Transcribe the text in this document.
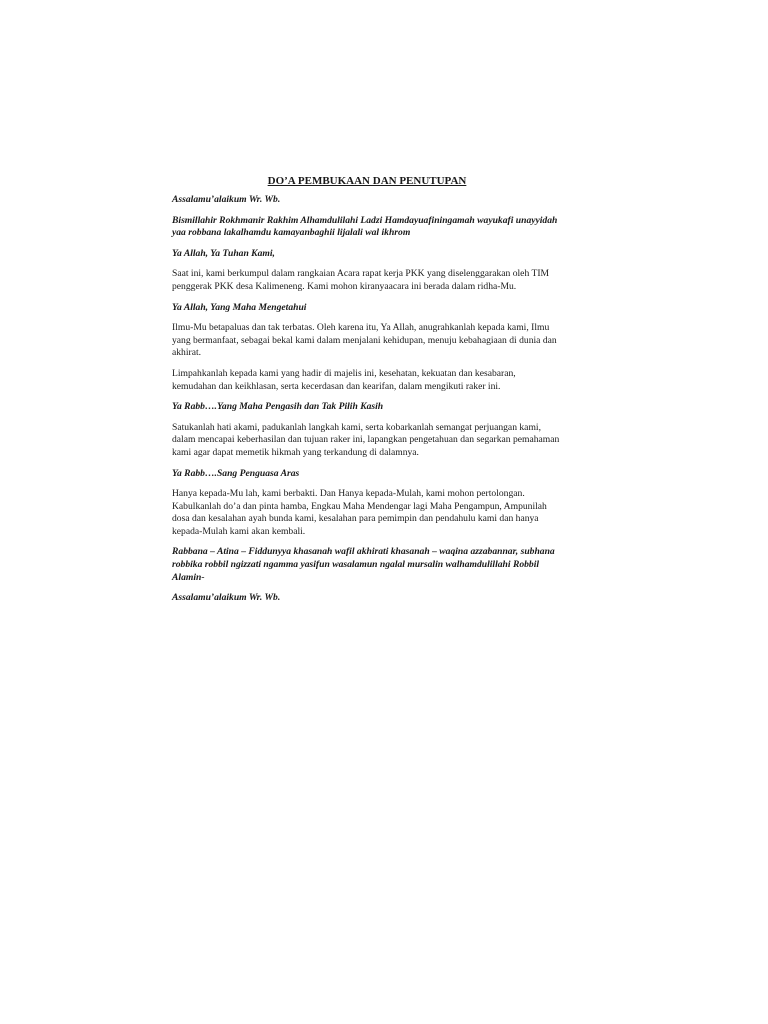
DO’A PEMBUKAAN DAN PENUTUPAN
Assalamu’alaikum Wr. Wb.
Bismillahir Rokhmanir Rakhim Alhamdulilahi Ladzi Hamdayuafiningamah wayukafi unayyidah yaa robbana lakalhamdu kamayanbaghii lijalali wal ikhrom
Ya Allah, Ya Tuhan Kami,
Saat ini, kami berkumpul dalam rangkaian Acara rapat kerja PKK yang diselenggarakan oleh TIM penggerak PKK desa Kalimeneng. Kami mohon kiranyaacara ini berada dalam ridha-Mu.
Ya Allah, Yang Maha Mengetahui
Ilmu-Mu betapaluas dan tak terbatas. Oleh karena itu, Ya Allah, anugrahkanlah kepada kami, Ilmu yang bermanfaat, sebagai bekal kami dalam menjalani kehidupan, menuju kebahagiaan di dunia dan akhirat.
Limpahkanlah kepada kami yang hadir di majelis ini, kesehatan, kekuatan dan kesabaran, kemudahan dan keikhlasan, serta kecerdasan dan kearifan, dalam mengikuti raker ini.
Ya Rabb….Yang Maha Pengasih dan Tak Pilih Kasih
Satukanlah hati akami, padukanlah langkah kami, serta kobarkanlah semangat perjuangan kami, dalam mencapai keberhasilan dan tujuan raker ini, lapangkan pengetahuan dan segarkan pemahaman kami agar dapat memetik hikmah yang terkandung di dalamnya.
Ya Rabb….Sang Penguasa Aras
Hanya kepada-Mu lah, kami berbakti. Dan Hanya kepada-Mulah, kami mohon pertolongan. Kabulkanlah do’a dan pinta hamba, Engkau Maha Mendengar lagi Maha Pengampun, Ampunilah dosa dan kesalahan ayah bunda kami, kesalahan para pemimpin dan pendahulu kami dan hanya kepada-Mulah kami akan kembali.
Rabbana – Atina – Fiddunyya khasanah wafil akhirati khasanah – waqina azzabannar, subhana robbika robbil ngizzati ngamma yasifun wasalamun ngalal mursalin walhamdulillahi Robbil Alamin-
Assalamu’alaikum Wr. Wb.
